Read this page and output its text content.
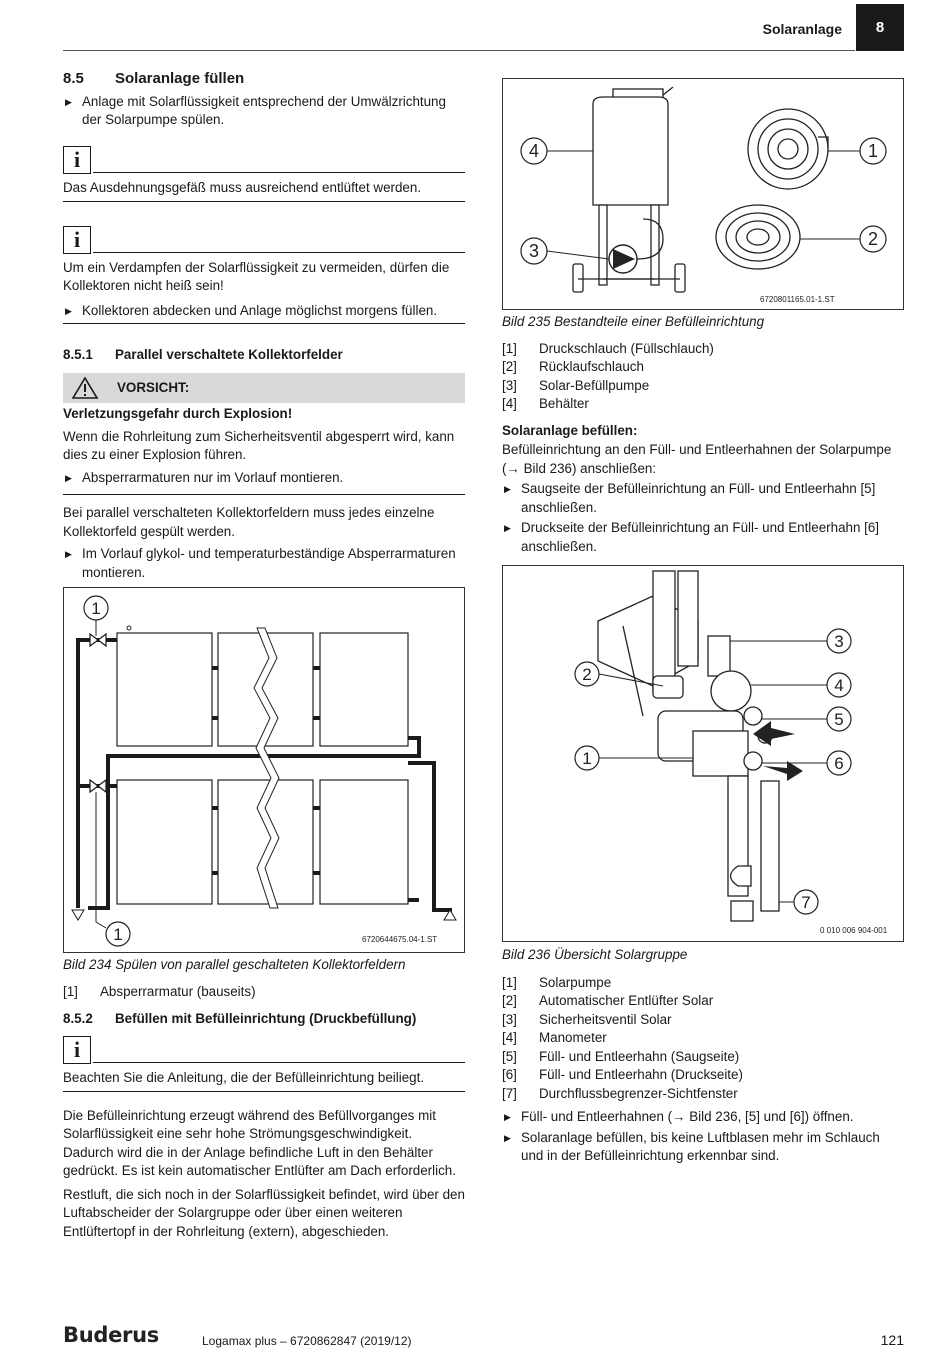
Solaranlage	8
8.5 Solaranlage füllen
▶ Anlage mit Solarflüssigkeit entsprechend der Umwälzrichtung der Solarpumpe spülen.
i
Das Ausdehnungsgefäß muss ausreichend entlüftet werden.
i
Um ein Verdampfen der Solarflüssigkeit zu vermeiden, dürfen die Kollektoren nicht heiß sein!
▶ Kollektoren abdecken und Anlage möglichst morgens füllen.
8.5.1 Parallel verschaltete Kollektorfelder
VORSICHT:
Verletzungsgefahr durch Explosion!
Wenn die Rohrleitung zum Sicherheitsventil abgesperrt wird, kann dies zu einer Explosion führen.
▶ Absperrarmaturen nur im Vorlauf montieren.
Bei parallel verschalteten Kollektorfeldern muss jedes einzelne Kollektorfeld gespült werden.
▶ Im Vorlauf glykol- und temperaturbeständige Absperrarmaturen montieren.
1
1	6720644675.04-1.ST
Bild 234 Spülen von parallel geschalteten Kollektorfeldern
[1] Absperrarmatur (bauseits)
8.5.2 Befüllen mit Befülleinrichtung (Druckbefüllung)
i
Beachten Sie die Anleitung, die der Befülleinrichtung beiliegt.
Die Befülleinrichtung erzeugt während des Befüllvorganges mit Solarflüssigkeit eine sehr hohe Strömungsgeschwindigkeit. Dadurch wird die in der Anlage befindliche Luft in den Behälter gedrückt. Es ist kein automatischer Entlüfter am Dach erforderlich.
Restluft, die sich noch in der Solarflüssigkeit befindet, wird über den Luftabscheider der Solargruppe oder über einen weiteren Entlüftertopf in der Rohrleitung (extern), abgeschieden.
1
2
3
4
6720801165.01-1.ST
Bild 235 Bestandteile einer Befülleinrichtung
[1] Druckschlauch (Füllschlauch)
[2] Rücklaufschlauch
[3] Solar-Befüllpumpe
[4] Behälter
Solaranlage befüllen:
Befülleinrichtung an den Füll- und Entleerhahnen der Solarpumpe (→ Bild 236) anschließen:
▶ Saugseite der Befülleinrichtung an Füll- und Entleerhahn [5] anschließen.
▶ Druckseite der Befülleinrichtung an Füll- und Entleerhahn [6] anschließen.
1
2
3
4
5
6
7
0 010 006 904-001
Bild 236 Übersicht Solargruppe
[1] Solarpumpe
[2] Automatischer Entlüfter Solar
[3] Sicherheitsventil Solar
[4] Manometer
[5] Füll- und Entleerhahn (Saugseite)
[6] Füll- und Entleerhahn (Druckseite)
[7] Durchflussbegrenzer-Sichtfenster
▶ Füll- und Entleerhahnen (→ Bild 236, [5] und [6]) öffnen.
▶ Solaranlage befüllen, bis keine Luftblasen mehr im Schlauch und in der Befülleinrichtung erkennbar sind.
Buderus	Logamax plus – 6720862847 (2019/12)	121
